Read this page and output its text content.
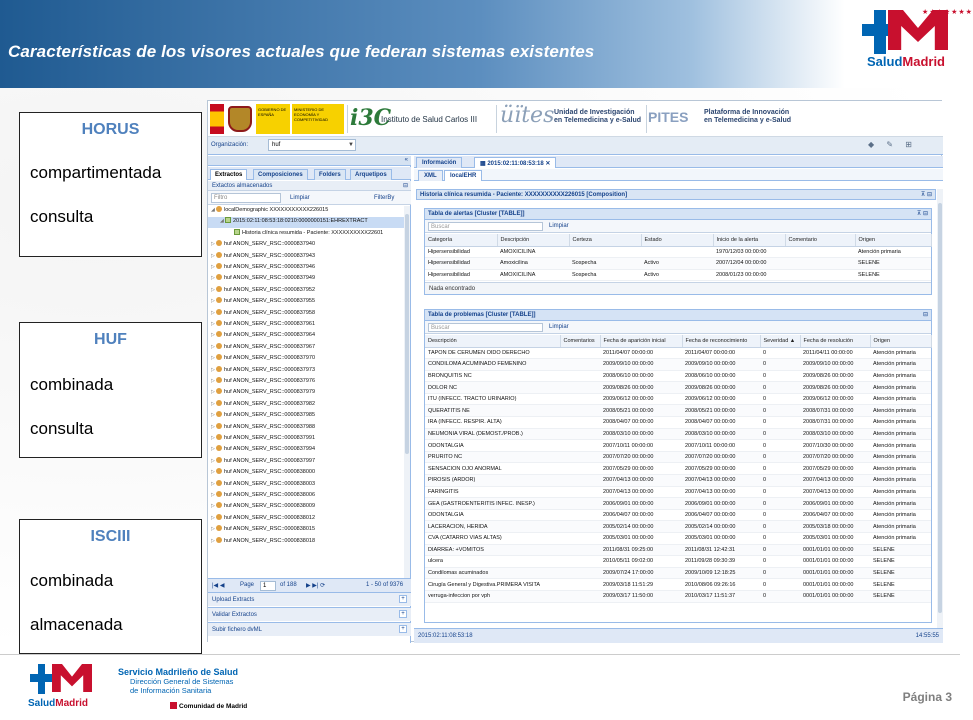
Características de los visores actuales que federan sistemas existentes
★★★★★★★
SaludMadrid
HORUS
compartimentada
consulta
HUF
combinada
consulta
ISCIII
combinada
almacenada
GOBIERNO DE ESPAÑA
MINISTERIO DE ECONOMÍA Y COMPETITIVIDAD i3C
Instituto de Salud Carlos III üïtes Unidad de Investigación
en Telemedicina y e-Salud PITES Plataforma de Innovación
en Telemedicina y e-Salud
Organización:	huf	▼	◆ ✎ ⊞
«
Extractos	Composiciones	Folders	Arquetipos
Extactos almacenados	⊟
Filtro	Limpiar	FilterBy
◢ localDemographic XXXXXXXXXXX226015
◢ 2015:02:11:08:53:18:0210:0000000151:EHREXTRACT
Historia clínica resumida - Paciente: XXXXXXXXXX22601
▷ huf ANON_SERV_RSC::0000837940
▷ huf ANON_SERV_RSC::0000837943
▷ huf ANON_SERV_RSC::0000837946
▷ huf ANON_SERV_RSC::0000837949
▷ huf ANON_SERV_RSC::0000837952
▷ huf ANON_SERV_RSC::0000837955
▷ huf ANON_SERV_RSC::0000837958
▷ huf ANON_SERV_RSC::0000837961
▷ huf ANON_SERV_RSC::0000837964
▷ huf ANON_SERV_RSC::0000837967
▷ huf ANON_SERV_RSC::0000837970
▷ huf ANON_SERV_RSC::0000837973
▷ huf ANON_SERV_RSC::0000837976
▷ huf ANON_SERV_RSC::0000837979
▷ huf ANON_SERV_RSC::0000837982
▷ huf ANON_SERV_RSC::0000837985
▷ huf ANON_SERV_RSC::0000837988
▷ huf ANON_SERV_RSC::0000837991
▷ huf ANON_SERV_RSC::0000837994
▷ huf ANON_SERV_RSC::0000837997
▷ huf ANON_SERV_RSC::0000838000
▷ huf ANON_SERV_RSC::0000838003
▷ huf ANON_SERV_RSC::0000838006
▷ huf ANON_SERV_RSC::0000838009
▷ huf ANON_SERV_RSC::0000838012
▷ huf ANON_SERV_RSC::0000838015
▷ huf ANON_SERV_RSC::0000838018
|◀ ◀	Page	1	of 188 ▶ ▶| ⟳	1 - 50 of 9376
Upload Extracts	+
Validar Extractos	+
Subir fichero dvML	+
Información	▦ 2015:02:11:08:53:18 ✕
XML	localEHR
Historia clínica resumida - Paciente: XXXXXXXXXX226015 [Composition]	⊼ ⊟
Tabla de alertas [Cluster [TABLE]]	⊼ ⊟
Buscar	Limpiar
Categoría	Descripción	Certeza	Estado	Inicio de la alerta	Comentario	Origen
Hipersensibilidad	AMOXICILINA			1970/12/03 00:00:00		Atención primaria
Hipersensibilidad	Amoxicilina	Sospecha	Activo	2007/12/04 00:00:00		SELENE
Hipersensibilidad	AMOXICILINA	Sospecha	Activo	2008/01/23 00:00:00		SELENE
Nada encontrado
Tabla de problemas [Cluster [TABLE]]	⊟
Buscar	Limpiar
Descripción	Comentarios	Fecha de aparición inicial	Fecha de reconocimiento	Severidad ▲	Fecha de resolución	Origen
TAPON DE CERUMEN OIDO DERECHO		2011/04/07 00:00:00	2011/04/07 00:00:00	0	2011/04/11 00:00:00	Atención primaria
CONDILOMA ACUMINADO FEMENINO		2009/09/10 00:00:00	2009/09/10 00:00:00	0	2009/09/10 00:00:00	Atención primaria
BRONQUITIS NC		2008/06/10 00:00:00	2008/06/10 00:00:00	0	2009/08/26 00:00:00	Atención primaria
DOLOR NC		2009/08/26 00:00:00	2009/08/26 00:00:00	0	2009/08/26 00:00:00	Atención primaria
ITU (INFECC. TRACTO URINARIO)		2009/06/12 00:00:00	2009/06/12 00:00:00	0	2009/06/12 00:00:00	Atención primaria
QUERATITIS NE		2008/05/21 00:00:00	2008/05/21 00:00:00	0	2008/07/31 00:00:00	Atención primaria
IRA (INFECC. RESPIR. ALTA)		2008/04/07 00:00:00	2008/04/07 00:00:00	0	2008/07/31 00:00:00	Atención primaria
NEUMONIA VIRAL (DEMOST./PROB.)		2008/03/10 00:00:00	2008/03/10 00:00:00	0	2008/03/10 00:00:00	Atención primaria
ODONTALGIA		2007/10/11 00:00:00	2007/10/11 00:00:00	0	2007/10/30 00:00:00	Atención primaria
PRURITO NC		2007/07/20 00:00:00	2007/07/20 00:00:00	0	2007/07/20 00:00:00	Atención primaria
SENSACION OJO ANORMAL		2007/05/29 00:00:00	2007/05/29 00:00:00	0	2007/05/29 00:00:00	Atención primaria
PIROSIS (ARDOR)		2007/04/13 00:00:00	2007/04/13 00:00:00	0	2007/04/13 00:00:00	Atención primaria
FARINGITIS		2007/04/13 00:00:00	2007/04/13 00:00:00	0	2007/04/13 00:00:00	Atención primaria
GEA (GASTROENTERITIS INFEC. INESP.)		2006/09/01 00:00:00	2006/09/01 00:00:00	0	2006/09/01 00:00:00	Atención primaria
ODONTALGIA		2006/04/07 00:00:00	2006/04/07 00:00:00	0	2006/04/07 00:00:00	Atención primaria
LACERACION, HERIDA		2005/02/14 00:00:00	2005/02/14 00:00:00	0	2005/03/18 00:00:00	Atención primaria
CVA (CATARRO VIAS ALTAS)		2005/03/01 00:00:00	2005/03/01 00:00:00	0	2005/03/01 00:00:00	Atención primaria
DIARREA: +VOMITOS		2011/08/31 09:25:00	2011/08/31 12:42:31	0	0001/01/01 00:00:00	SELENE
ulcera		2010/05/11 09:02:00	2011/09/28 09:30:39	0	0001/01/01 00:00:00	SELENE
Condilomas acuminados		2009/07/24 17:00:00	2009/10/09 12:18:25	0	0001/01/01 00:00:00	SELENE
Cirugía General y Digestiva.PRIMERA VISITA		2009/03/18 11:51:29	2010/08/06 09:26:16	0	0001/01/01 00:00:00	SELENE
verruga-infeccion por vph		2009/03/17 11:50:00	2010/03/17 11:51:37	0	0001/01/01 00:00:00	SELENE
2015:02:11:08:53:18	14:55:55
SaludMadrid
Servicio Madrileño de Salud
Dirección General de Sistemas
de Información Sanitaria
Comunidad de Madrid
Página 3
